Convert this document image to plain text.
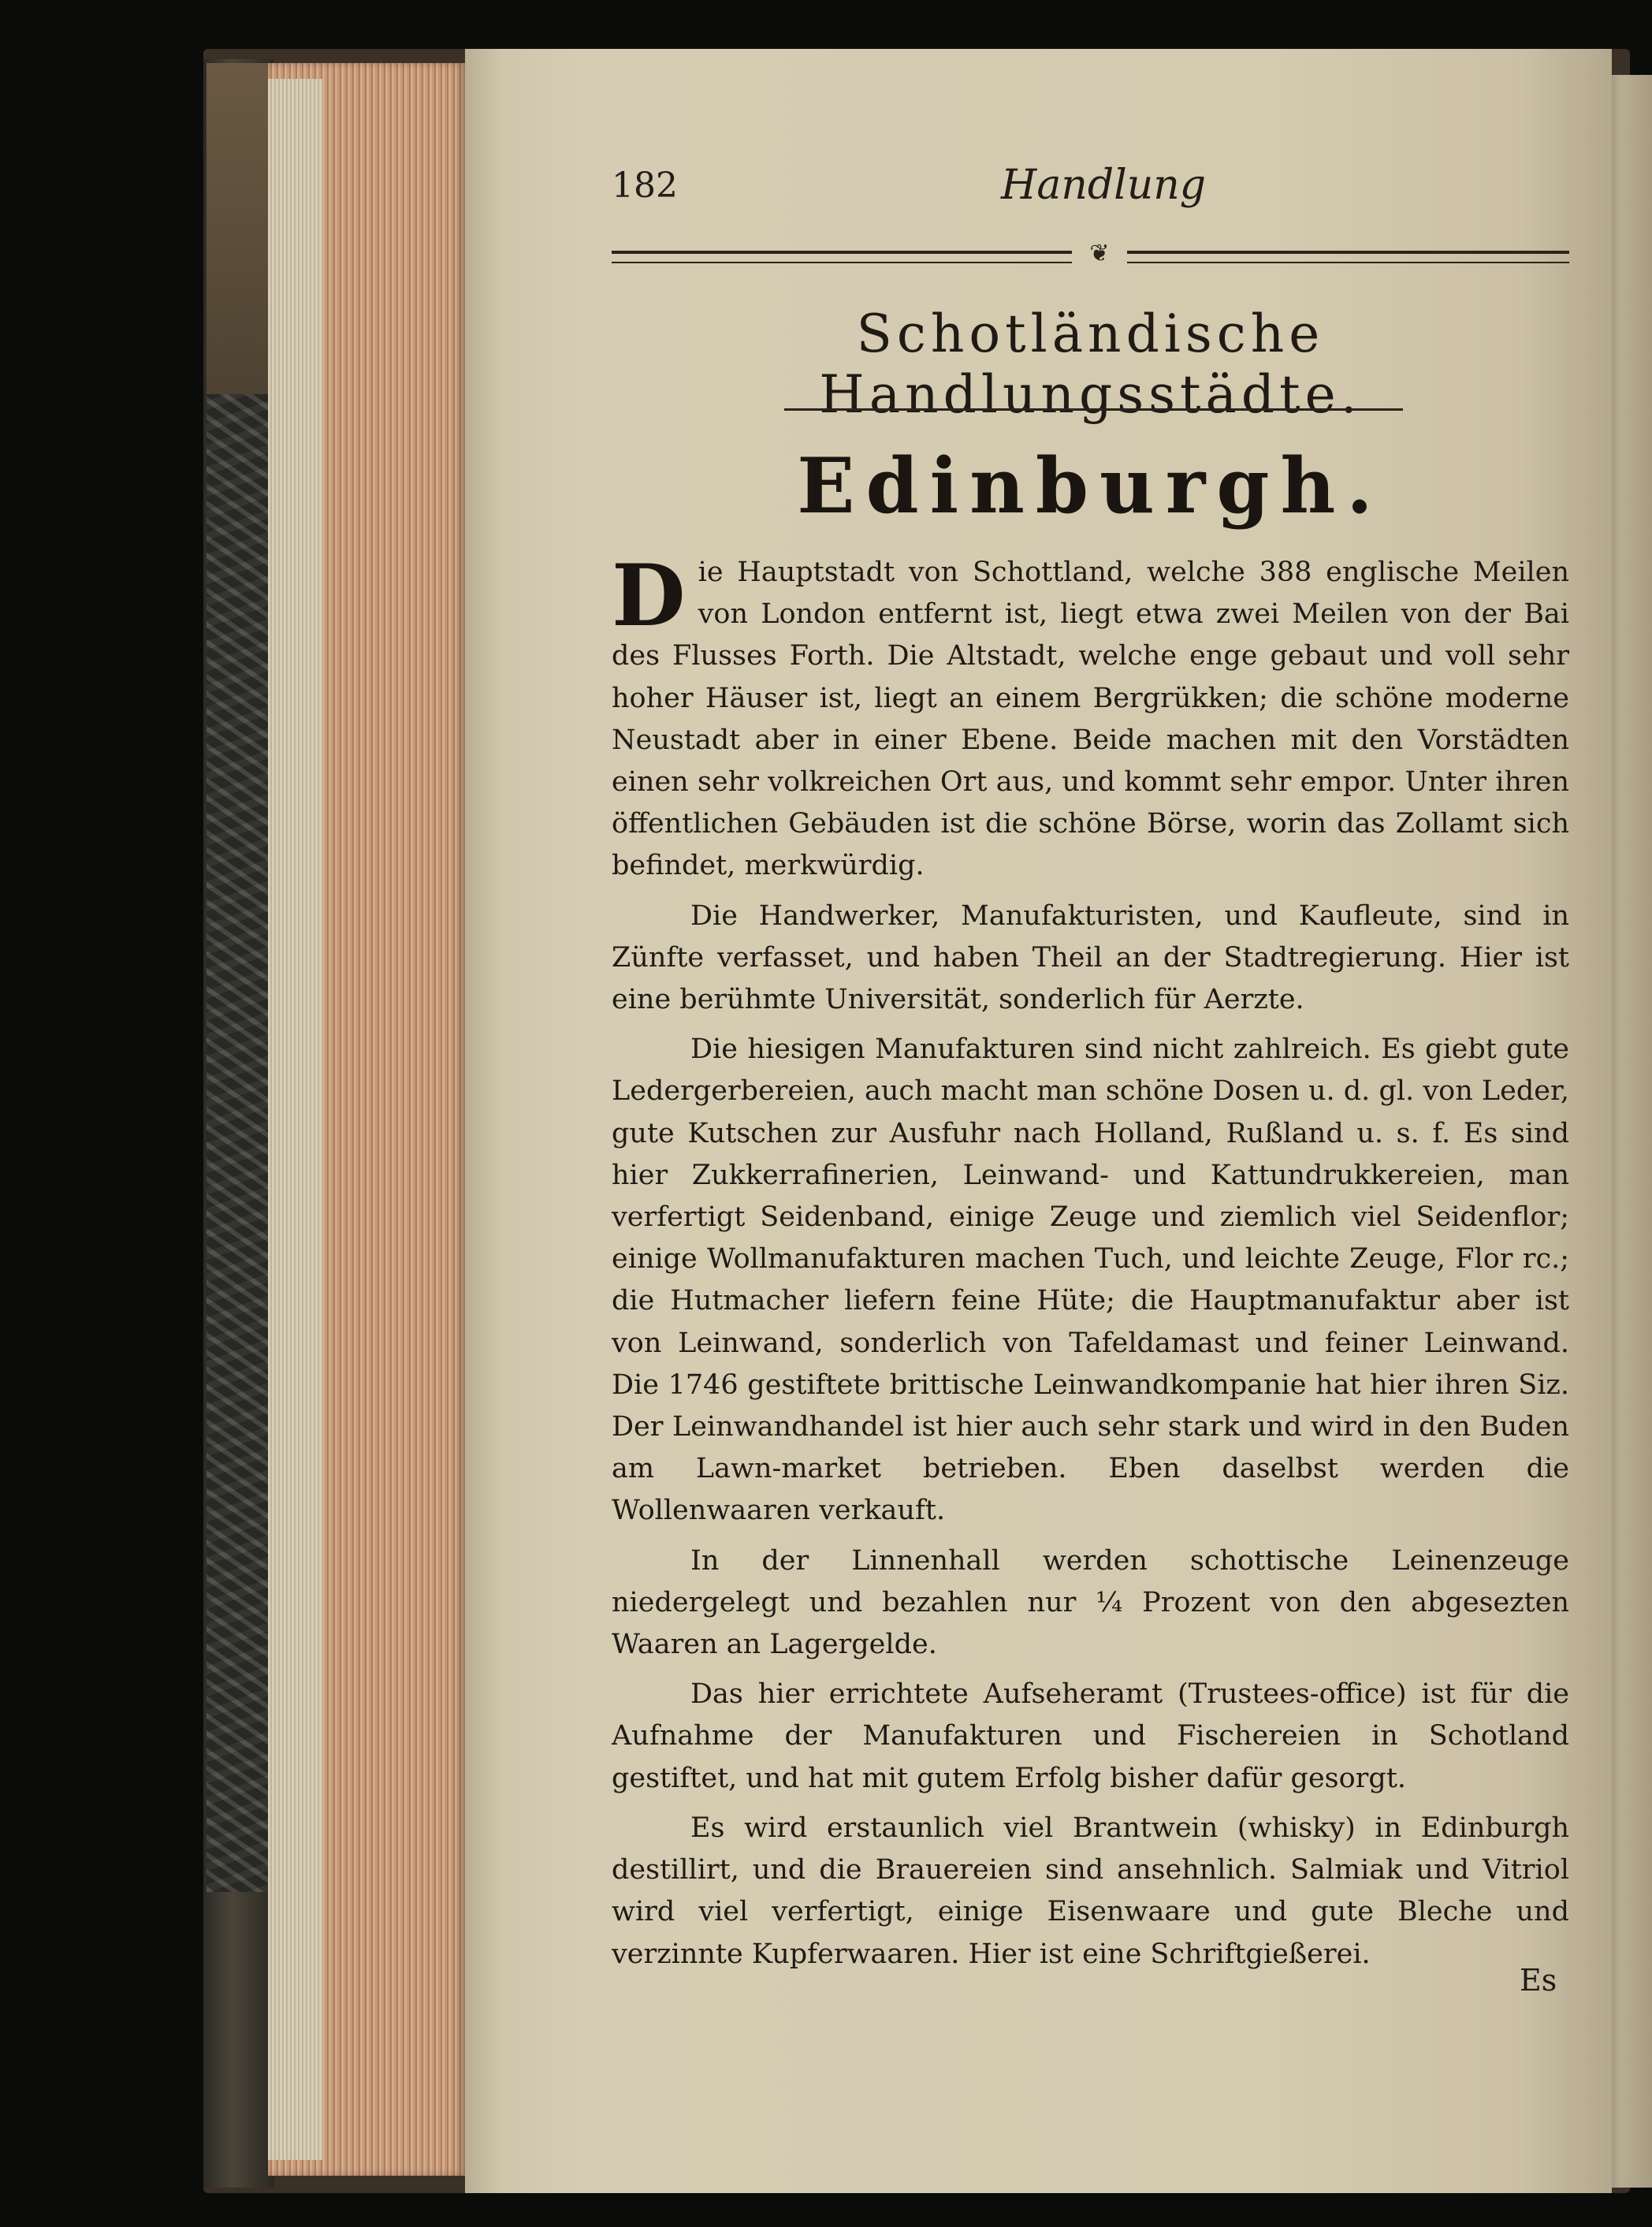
182	Handlung
❦
Schotländische Handlungsstädte.
Edinburgh.

Die Hauptstadt von Schottland, welche 388 englische Meilen von London entfernt ist, liegt etwa zwei Meilen von der Bai des Flusses Forth. Die Altstadt, welche enge gebaut und voll sehr hoher Häuser ist, liegt an einem Bergrükken; die schöne moderne Neustadt aber in einer Ebene. Beide machen mit den Vorstädten einen sehr volkreichen Ort aus, und kommt sehr empor. Unter ihren öffentlichen Gebäuden ist die schöne Börse, worin das Zollamt sich befindet, merkwürdig.

Die Handwerker, Manufakturisten, und Kaufleute, sind in Zünfte verfasset, und haben Theil an der Stadtregierung. Hier ist eine berühmte Universität, sonderlich für Aerzte.

Die hiesigen Manufakturen sind nicht zahlreich. Es giebt gute Ledergerbereien, auch macht man schöne Dosen u. d. gl. von Leder, gute Kutschen zur Ausfuhr nach Holland, Rußland u. s. f. Es sind hier Zukkerrafinerien, Leinwand- und Kattundrukkereien, man verfertigt Seidenband, einige Zeuge und ziemlich viel Seidenflor; einige Wollmanufakturen machen Tuch, und leichte Zeuge, Flor rc.; die Hutmacher liefern feine Hüte; die Hauptmanufaktur aber ist von Leinwand, sonderlich von Tafeldamast und feiner Leinwand. Die 1746 gestiftete brittische Leinwandkompanie hat hier ihren Siz. Der Leinwandhandel ist hier auch sehr stark und wird in den Buden am Lawn-market betrieben. Eben daselbst werden die Wollenwaaren verkauft.

In der Linnenhall werden schottische Leinenzeuge niedergelegt und bezahlen nur ¼ Prozent von den abgesezten Waaren an Lagergelde.

Das hier errichtete Aufseheramt (Trustees-office) ist für die Aufnahme der Manufakturen und Fischereien in Schotland gestiftet, und hat mit gutem Erfolg bisher dafür gesorgt.

Es wird erstaunlich viel Brantwein (whisky) in Edinburgh destillirt, und die Brauereien sind ansehnlich. Salmiak und Vitriol wird viel verfertigt, einige Eisenwaare und gute Bleche und verzinnte Kupferwaaren. Hier ist eine Schriftgießerei.

Es
